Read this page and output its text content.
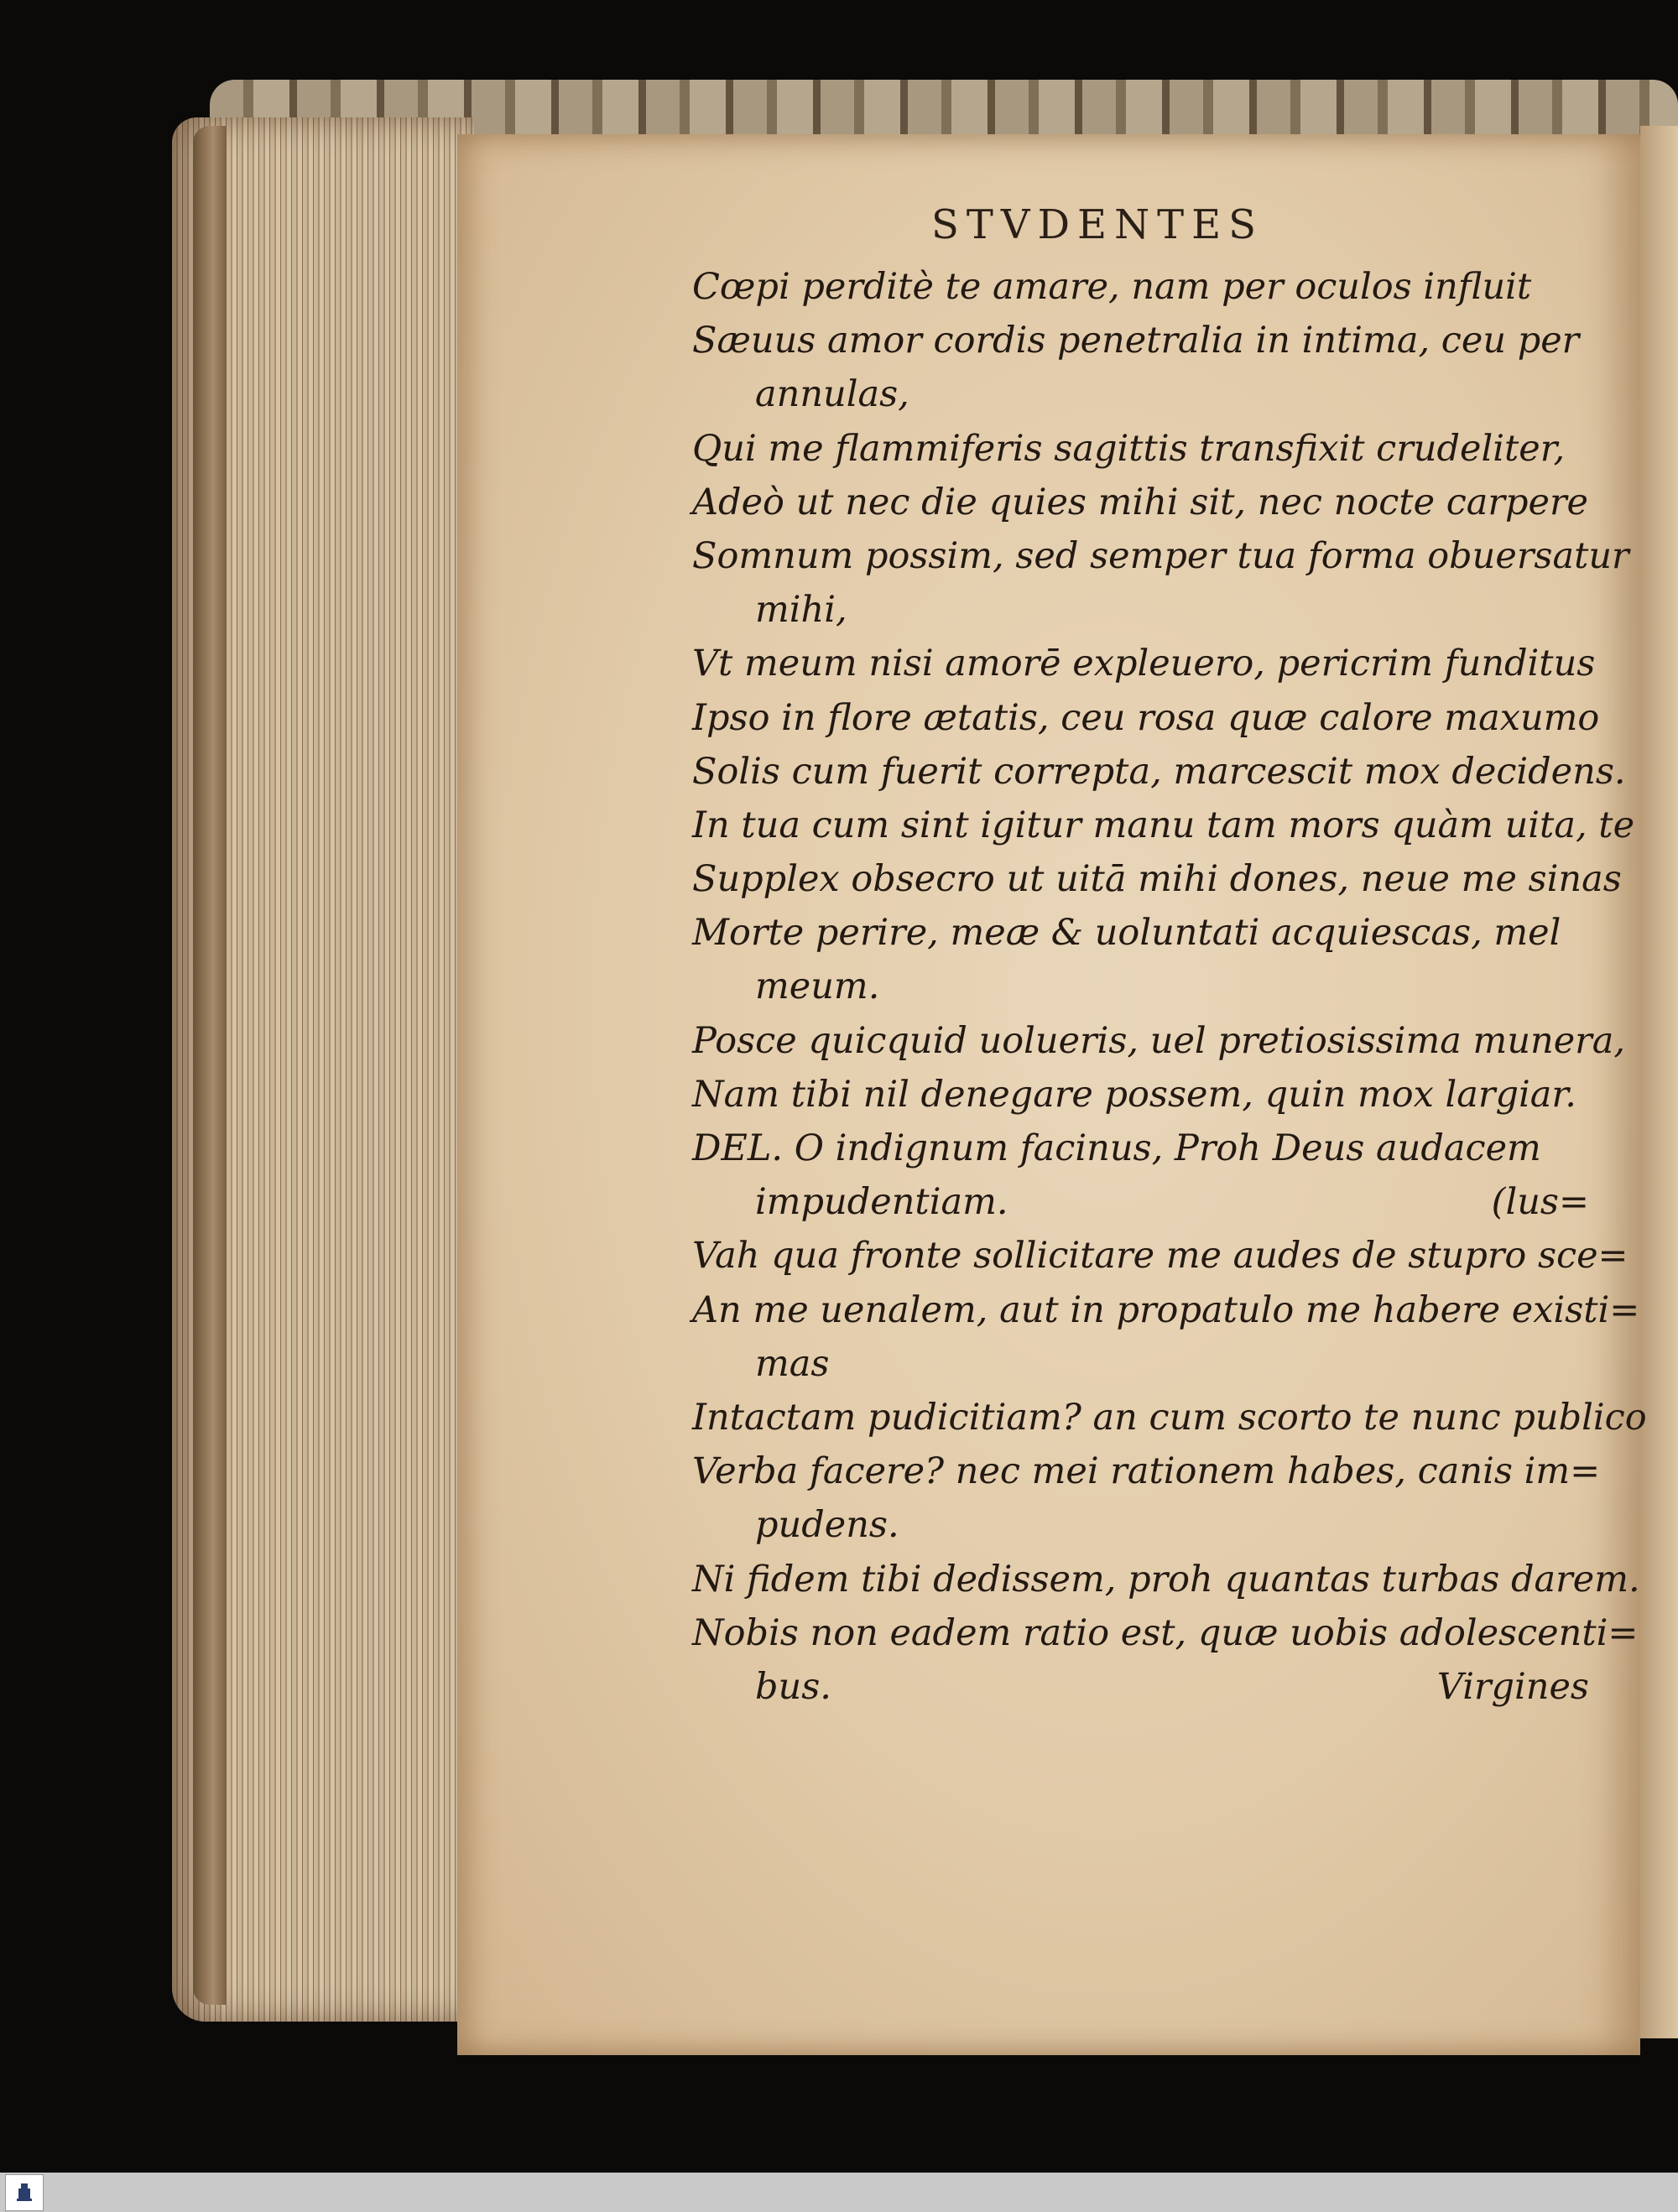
STVDENTES
Cœpi perditè te amare, nam per oculos influit
Sæuus amor cordis penetralia in intima, ceu per
annulas,
Qui me flammiferis sagittis transfixit crudeliter,
Adeò ut nec die quies mihi sit, nec nocte carpere
Somnum possim, sed semper tua forma obuersatur
mihi,
Vt meum nisi amorē expleuero, pericrim funditus
Ipso in flore ætatis, ceu rosa quæ calore maxumo
Solis cum fuerit correpta, marcescit mox decidens.
In tua cum sint igitur manu tam mors quàm uita, te
Supplex obsecro ut uitā mihi dones, neue me sinas
Morte perire, meæ & uoluntati acquiescas, mel
meum.
Posce quicquid uolueris, uel pretiosissima munera,
Nam tibi nil denegare possem, quin mox largiar.
DEL. O indignum facinus, Proh Deus audacem
impudentiam.	(lus=
Vah qua fronte sollicitare me audes de stupro sce=
An me uenalem, aut in propatulo me habere existi=
mas
Intactam pudicitiam? an cum scorto te nunc publico
Verba facere? nec mei rationem habes, canis im=
pudens.
Ni fidem tibi dedissem, proh quantas turbas darem.
Nobis non eadem ratio est, quæ uobis adolescenti=
bus.	Virgines
